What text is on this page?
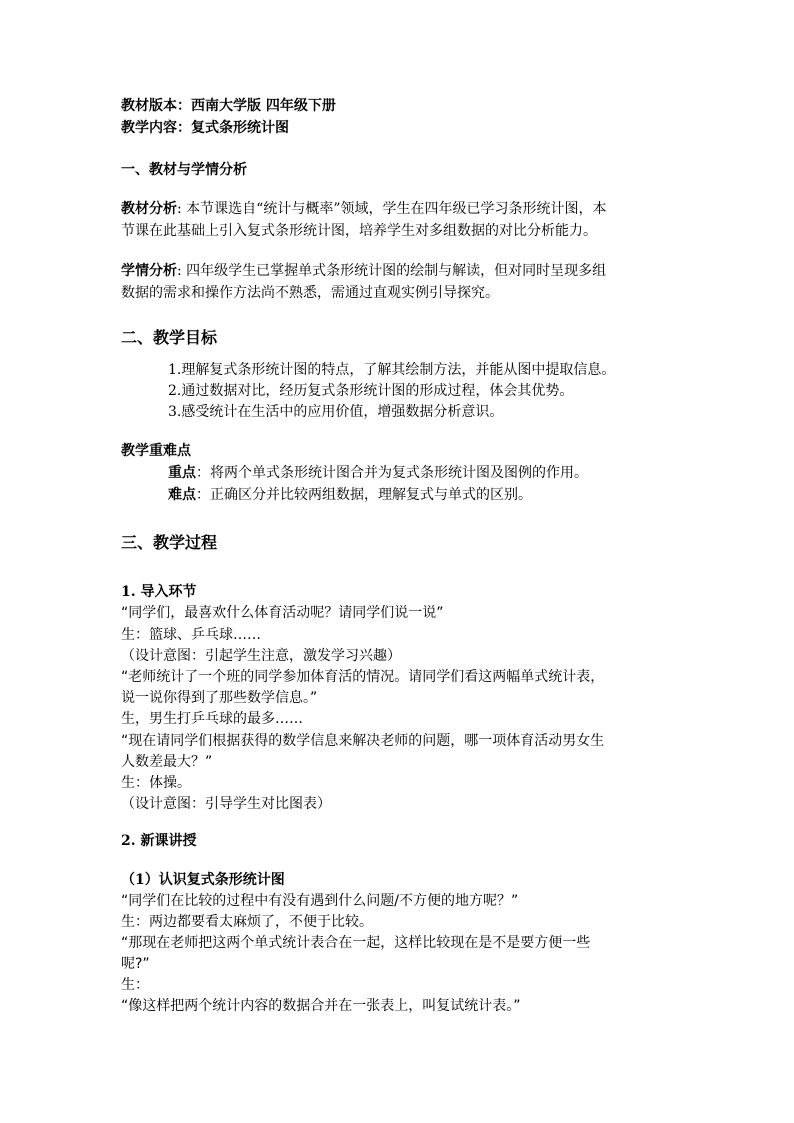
教材版本：西南大学版 四年级下册
教学内容：复式条形统计图
一、教材与学情分析
教材分析: 本节课选自“统计与概率”领域，学生在四年级已学习条形统计图，本
节课在此基础上引入复式条形统计图，培养学生对多组数据的对比分析能力。
学情分析: 四年级学生已掌握单式条形统计图的绘制与解读，但对同时呈现多组
数据的需求和操作方法尚不熟悉，需通过直观实例引导探究。
二、教学目标
1.理解复式条形统计图的特点，了解其绘制方法，并能从图中提取信息。
2.通过数据对比，经历复式条形统计图的形成过程，体会其优势。
3.感受统计在生活中的应用价值，增强数据分析意识。
教学重难点
重点：将两个单式条形统计图合并为复式条形统计图及图例的作用。
难点：正确区分并比较两组数据，理解复式与单式的区别。
三、教学过程
1. 导入环节
“同学们，最喜欢什么体育活动呢？请同学们说一说”
生：篮球、乒乓球……
（设计意图：引起学生注意，激发学习兴趣）
“老师统计了一个班的同学参加体育活的情况。请同学们看这两幅单式统计表，
说一说你得到了那些数学信息。”
生，男生打乒乓球的最多……
“现在请同学们根据获得的数学信息来解决老师的问题，哪一项体育活动男女生
人数差最大？”
生：体操。
（设计意图：引导学生对比图表）
2. 新课讲授
（1）认识复式条形统计图
“同学们在比较的过程中有没有遇到什么问题/不方便的地方呢？”
生：两边都要看太麻烦了，不便于比较。
“那现在老师把这两个单式统计表合在一起，这样比较现在是不是要方便一些
呢?”
生：
“像这样把两个统计内容的数据合并在一张表上，叫复试统计表。”
